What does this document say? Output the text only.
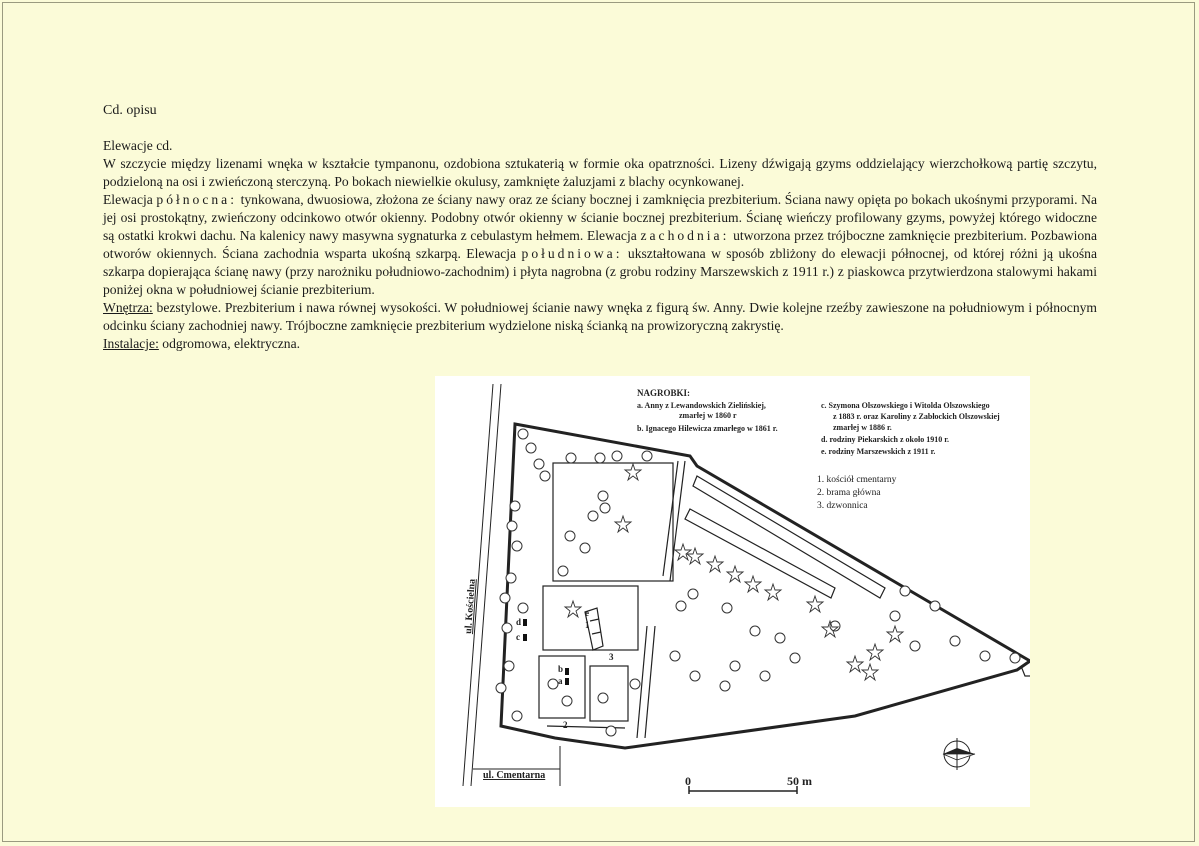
Cd. opisu

Elewacje cd.

W szczycie między lizenami wnęka w kształcie tympanonu, ozdobiona sztukaterią w formie oka opatrzności. Lizeny dźwigają gzyms oddzielający wierzchołkową partię szczytu, podzieloną na osi i zwieńczoną sterczyną. Po bokach niewielkie okulusy, zamknięte żaluzjami z blachy ocynkowanej.

Elewacja północna: tynkowana, dwuosiowa, złożona ze ściany nawy oraz ze ściany bocznej i zamknięcia prezbiterium. Ściana nawy opięta po bokach ukośnymi przyporami. Na jej osi prostokątny, zwieńczony odcinkowo otwór okienny. Podobny otwór okienny w ścianie bocznej prezbiterium. Ścianę wieńczy profilowany gzyms, powyżej którego widoczne są ostatki krokwi dachu. Na kalenicy nawy masywna sygnaturka z cebulastym hełmem. Elewacja zachodnia: utworzona przez trójboczne zamknięcie prezbiterium. Pozbawiona otworów okiennych. Ściana zachodnia wsparta ukośną szkarpą. Elewacja południowa: ukształtowana w sposób zbliżony do elewacji północnej, od której różni ją ukośna szkarpa dopierająca ścianę nawy (przy narożniku południowo-zachodnim) i płyta nagrobna (z grobu rodziny Marszewskich z 1911 r.) z piaskowca przytwierdzona stalowymi hakami poniżej okna w południowej ścianie prezbiterium.

Wnętrza: bezstylowe. Prezbiterium i nawa równej wysokości. W południowej ścianie nawy wnęka z figurą św. Anny. Dwie kolejne rzeźby zawieszone na południowym i północnym odcinku ściany zachodniej nawy. Trójboczne zamknięcie prezbiterium wydzielone niską ścianką na prowizoryczną zakrystię.

Instalacje: odgromowa, elektryczna.

d
c
b
a
e
1
2
3
ul. Kościelna
ul. Cmentarna
NAGROBKI:
a. Anny z Lewandowskich Zielińskiej,
zmarłej w 1860 r
b. Ignacego Hilewicza zmarłego w 1861 r.
c. Szymona Olszowskiego i Witolda Olszowskiego
z 1883 r. oraz Karoliny z Zabłockich Olszowskiej
zmarłej w 1886 r.
d. rodziny Piekarskich z około 1910 r.
e. rodziny Marszewskich z 1911 r.
1. kościół cmentarny
2. brama główna
3. dzwonnica
0	50 m
